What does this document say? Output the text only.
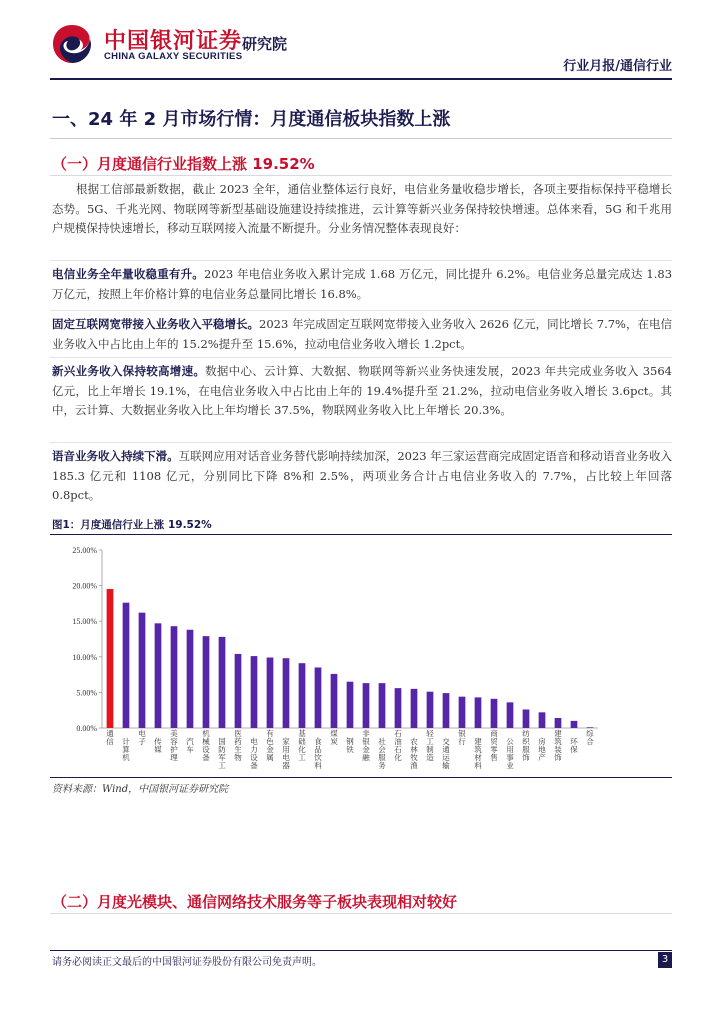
中国银河证券
CHINA GALAXY SECURITIES
研究院
行业月报/通信行业
一、24 年 2 月市场行情：月度通信板块指数上涨
（一）月度通信行业指数上涨 19.52%
根据工信部最新数据，截止 2023 全年，通信业整体运行良好，电信业务量收稳步增长，各项主要指标保持平稳增长态势。5G、千兆光网、物联网等新型基础设施建设持续推进，云计算等新兴业务保持较快增速。总体来看，5G 和千兆用户规模保持快速增长，移动互联网接入流量不断提升。分业务情况整体表现良好：
电信业务全年量收稳重有升。2023 年电信业务收入累计完成 1.68 万亿元，同比提升 6.2%。电信业务总量完成达 1.83 万亿元，按照上年价格计算的电信业务总量同比增长 16.8%。
固定互联网宽带接入业务收入平稳增长。2023 年完成固定互联网宽带接入业务收入 2626 亿元，同比增长 7.7%，在电信业务收入中占比由上年的 15.2%提升至 15.6%，拉动电信业务收入增长 1.2pct。
新兴业务收入保持较高增速。数据中心、云计算、大数据、物联网等新兴业务快速发展，2023 年共完成业务收入 3564 亿元，比上年增长 19.1%，在电信业务收入中占比由上年的 19.4%提升至 21.2%，拉动电信业务收入增长 3.6pct。其中，云计算、大数据业务收入比上年均增长 37.5%，物联网业务收入比上年增长 20.3%。
语音业务收入持续下滑。互联网应用对话音业务替代影响持续加深，2023 年三家运营商完成固定语音和移动语音业务收入 185.3 亿元和 1108 亿元，分别同比下降 8%和 2.5%，两项业务合计占电信业务收入的 7.7%，占比较上年回落 0.8pct。
图1：月度通信行业上涨 19.52%
0.00%
5.00%
10.00%
15.00%
20.00%
25.00%
通信 计算机
电子 传媒
美容护理
汽车
机械设备
国防军工
医药生物
电力设备
有色金属
家用电器
基础化工
食品饮料
煤炭 钢铁
非银金融
社会服务
石油石化
农林牧渔
轻工制造
交通运输
银行 建筑材料
商贸零售
公用事业
纺织服饰
房地产
建筑装饰
环保
综合
资料来源：Wind，中国银河证券研究院
（二）月度光模块、通信网络技术服务等子板块表现相对较好
请务必阅读正文最后的中国银河证券股份有限公司免责声明。	3
